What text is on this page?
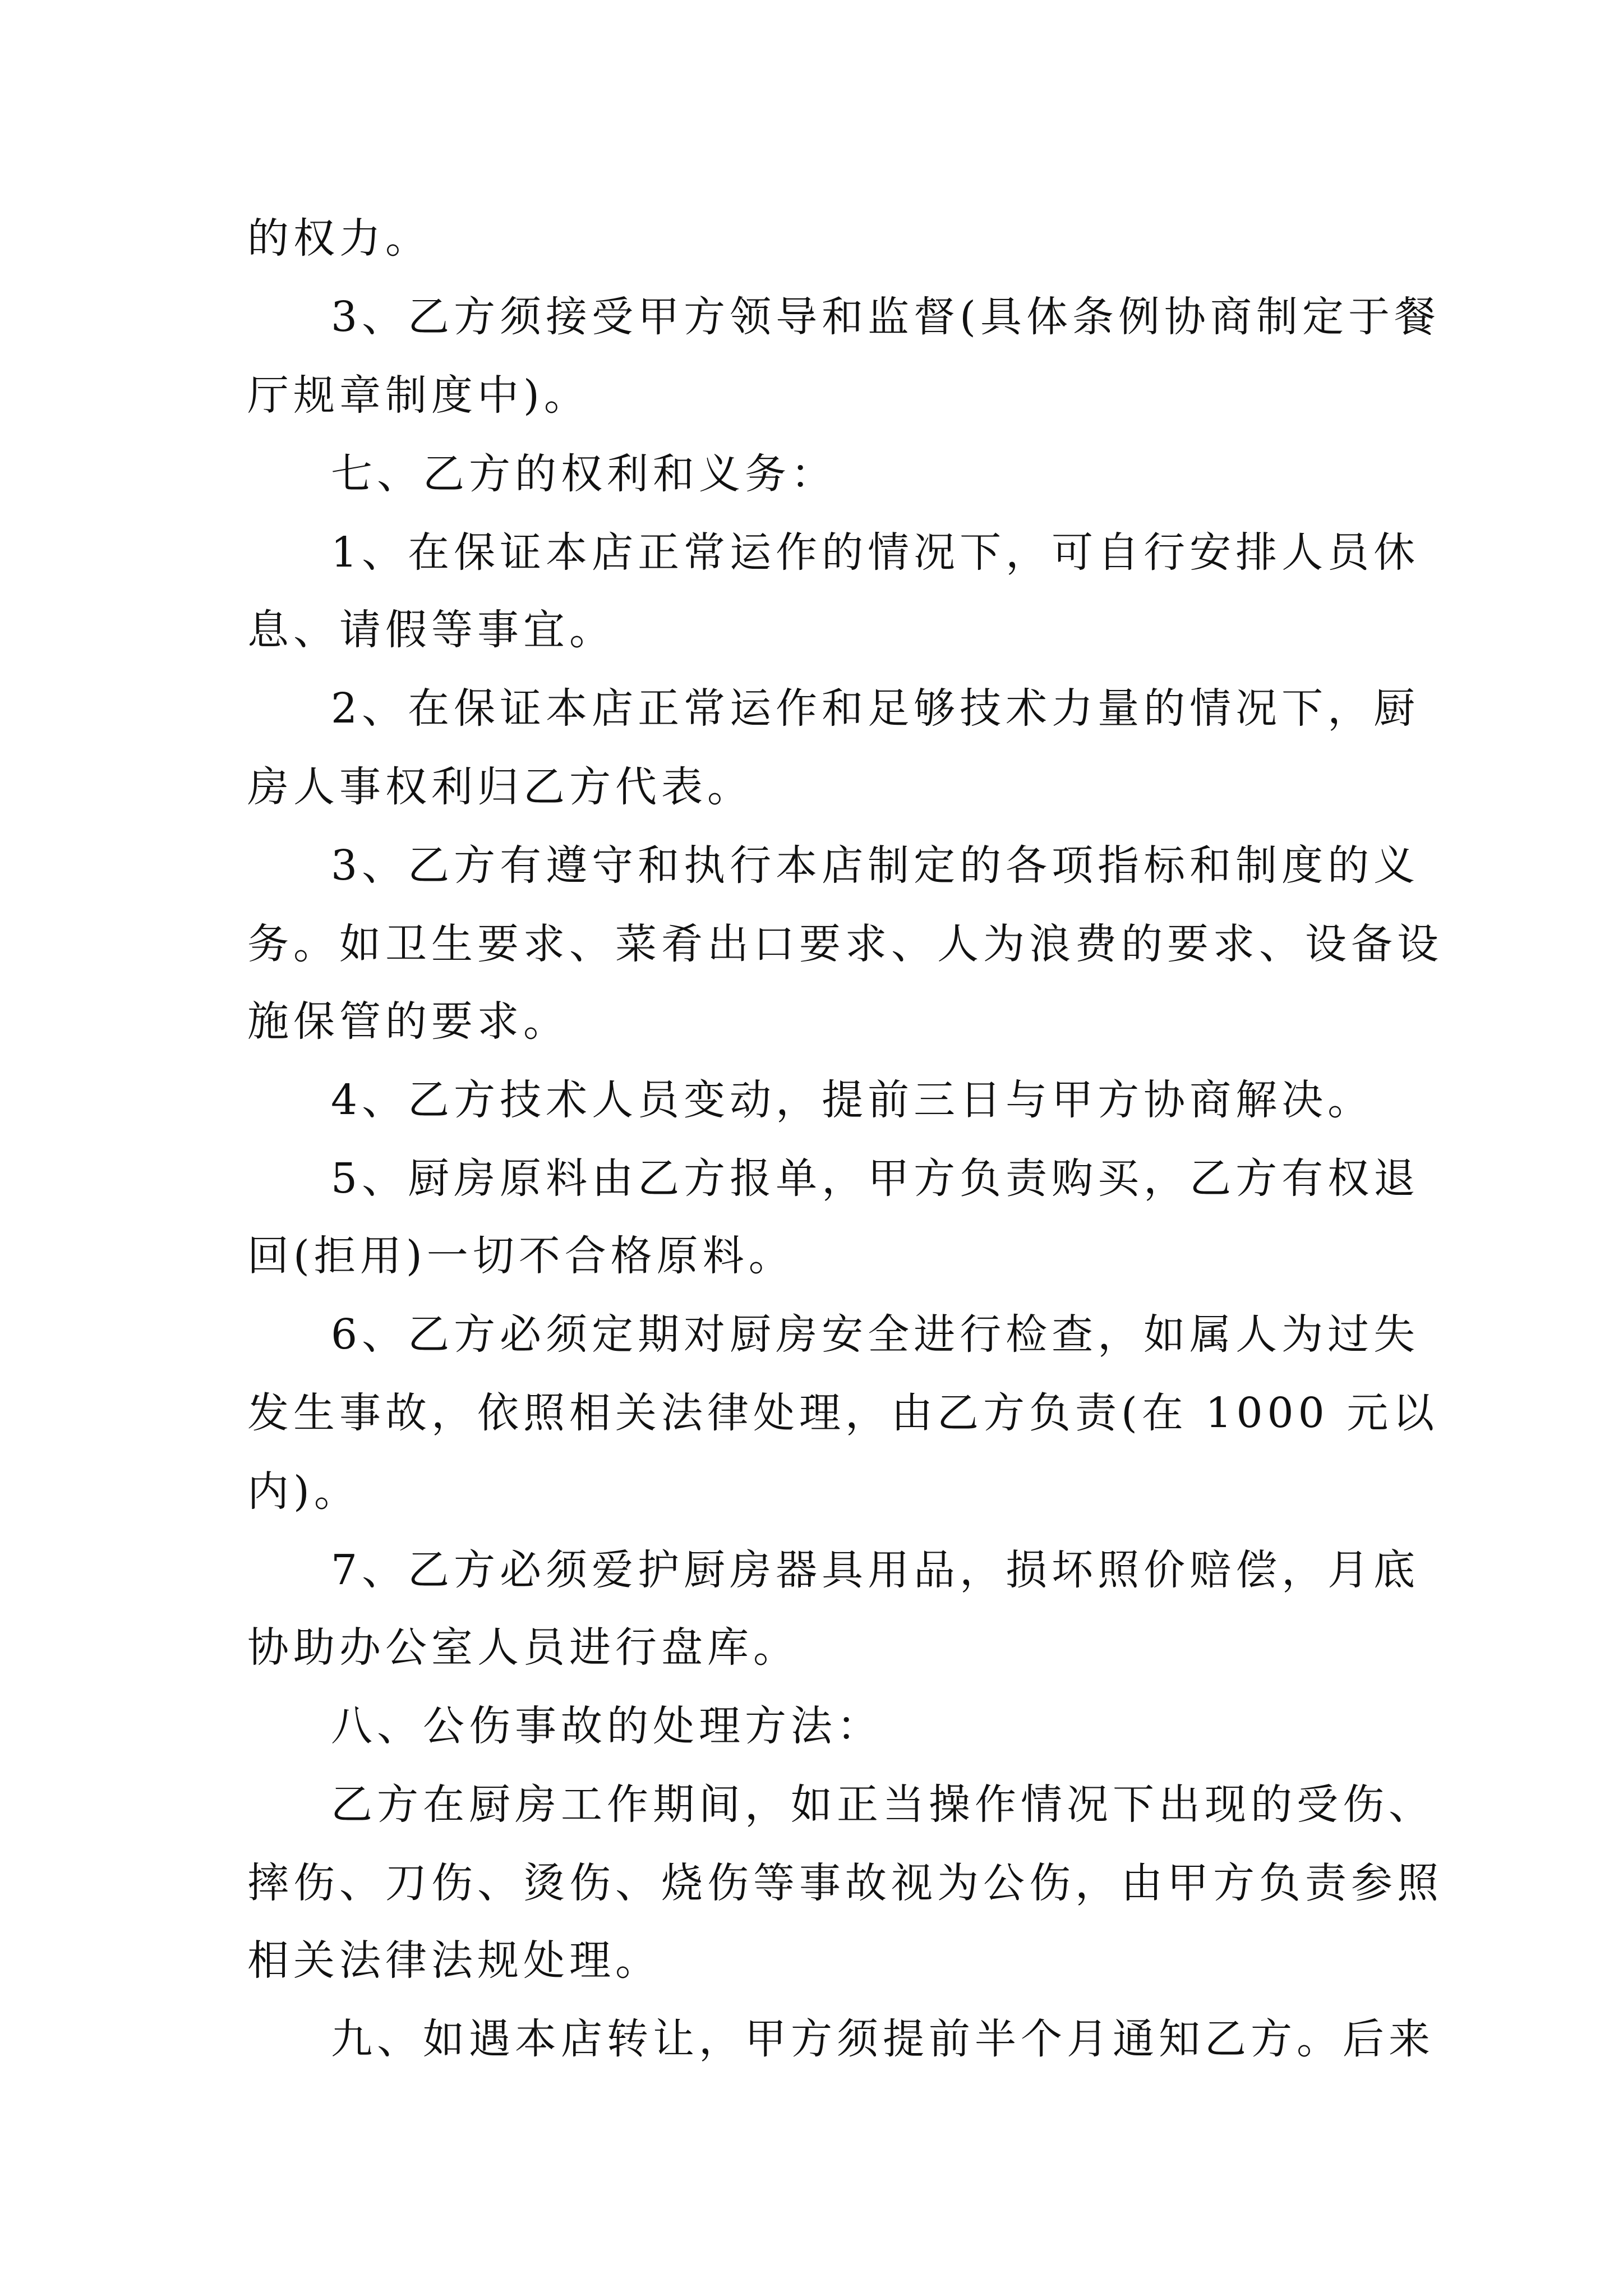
的权力。
3、乙方须接受甲方领导和监督(具体条例协商制定于餐
厅规章制度中)。
七、乙方的权利和义务：
1、在保证本店正常运作的情况下，可自行安排人员休
息、请假等事宜。
2、在保证本店正常运作和足够技术力量的情况下，厨
房人事权利归乙方代表。
3、乙方有遵守和执行本店制定的各项指标和制度的义
务。如卫生要求、菜肴出口要求、人为浪费的要求、设备设
施保管的要求。
4、乙方技术人员变动，提前三日与甲方协商解决。
5、厨房原料由乙方报单，甲方负责购买，乙方有权退
回(拒用)一切不合格原料。
6、乙方必须定期对厨房安全进行检查，如属人为过失
发生事故，依照相关法律处理，由乙方负责(在 1000 元以
内)。
7、乙方必须爱护厨房器具用品，损坏照价赔偿，月底
协助办公室人员进行盘库。
八、公伤事故的处理方法：
乙方在厨房工作期间，如正当操作情况下出现的受伤、
摔伤、刀伤、烫伤、烧伤等事故视为公伤，由甲方负责参照
相关法律法规处理。
九、如遇本店转让，甲方须提前半个月通知乙方。后来
